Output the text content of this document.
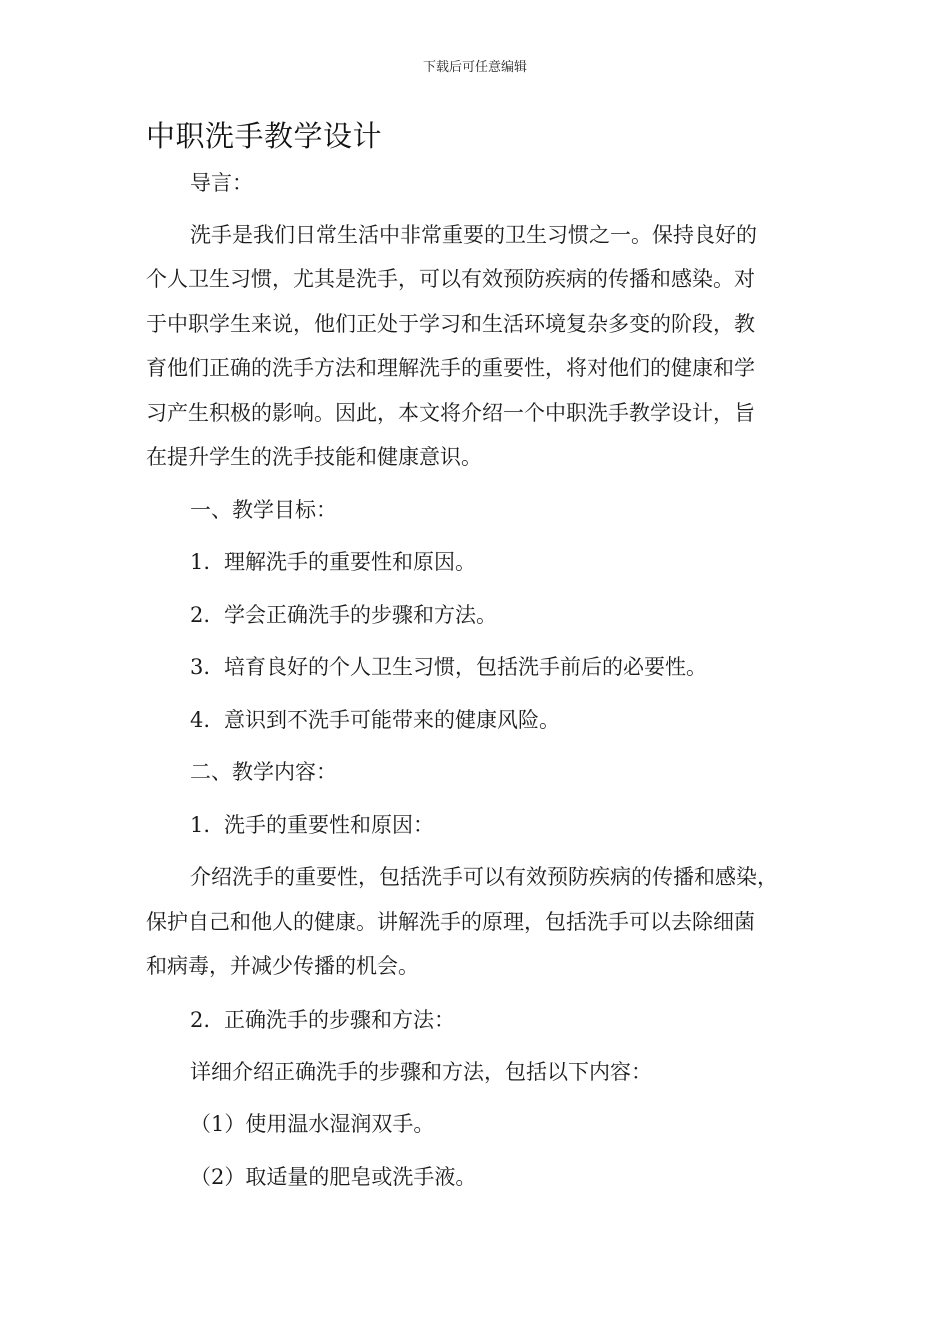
下载后可任意编辑
中职洗手教学设计

导言：

洗手是我们日常生活中非常重要的卫生习惯之一。保持良好的

个人卫生习惯，尤其是洗手，可以有效预防疾病的传播和感染。对

于中职学生来说，他们正处于学习和生活环境复杂多变的阶段，教

育他们正确的洗手方法和理解洗手的重要性，将对他们的健康和学

习产生积极的影响。因此，本文将介绍一个中职洗手教学设计，旨

在提升学生的洗手技能和健康意识。

一、教学目标：

1. 理解洗手的重要性和原因。

2. 学会正确洗手的步骤和方法。

3. 培育良好的个人卫生习惯，包括洗手前后的必要性。

4. 意识到不洗手可能带来的健康风险。

二、教学内容：

1. 洗手的重要性和原因：

介绍洗手的重要性，包括洗手可以有效预防疾病的传播和感染，

保护自己和他人的健康。讲解洗手的原理，包括洗手可以去除细菌

和病毒，并减少传播的机会。

2. 正确洗手的步骤和方法：

详细介绍正确洗手的步骤和方法，包括以下内容：

（1）使用温水湿润双手。

（2）取适量的肥皂或洗手液。
